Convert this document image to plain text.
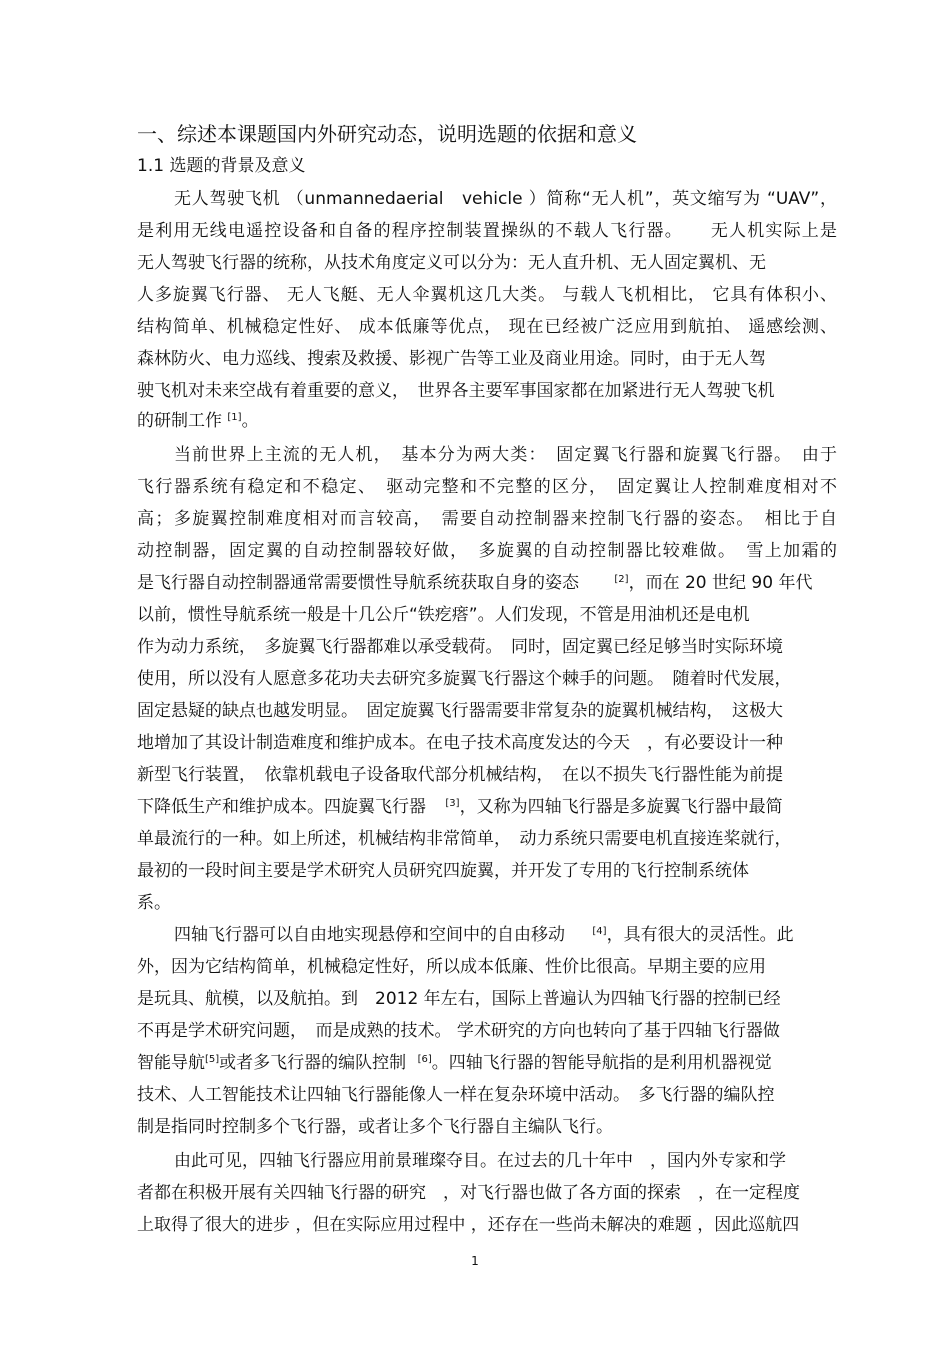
一、综述本课题国内外研究动态，说明选题的依据和意义
1.1 选题的背景及意义
无人驾驶飞机 （unmannedaerial　vehicle ）简称“无人机”，英文缩写为 “UAV”，
是利用无线电遥控设备和自备的程序控制装置操纵的不载人飞行器。　　无人机实际上是
无人驾驶飞行器的统称，从技术角度定义可以分为：无人直升机、无人固定翼机、无
人多旋翼飞行器、 无人飞艇、无人伞翼机这几大类。 与载人飞机相比， 它具有体积小、
结构简单、机械稳定性好、 成本低廉等优点， 现在已经被广泛应用到航拍、 遥感绘测、
森林防火、电力巡线、搜索及救援、影视广告等工业及商业用途。同时，由于无人驾
驶飞机对未来空战有着重要的意义，　世界各主要军事国家都在加紧进行无人驾驶飞机
的研制工作 [1]。
当前世界上主流的无人机，　基本分为两大类：　固定翼飞行器和旋翼飞行器。　由于
飞行器系统有稳定和不稳定、　驱动完整和不完整的区分，　固定翼让人控制难度相对不
高；多旋翼控制难度相对而言较高，　需要自动控制器来控制飞行器的姿态。　相比于自
动控制器，固定翼的自动控制器较好做，　多旋翼的自动控制器比较难做。　雪上加霜的
是飞行器自动控制器通常需要惯性导航系统获取自身的姿态	[2]，而在 20 世纪 90 年代
以前，惯性导航系统一般是十几公斤“铁疙瘩”。人们发现，不管是用油机还是电机
作为动力系统，　多旋翼飞行器都难以承受载荷。　同时，固定翼已经足够当时实际环境
使用，所以没有人愿意多花功夫去研究多旋翼飞行器这个棘手的问题。　随着时代发展，
固定悬疑的缺点也越发明显。　固定旋翼飞行器需要非常复杂的旋翼机械结构，　这极大
地增加了其设计制造难度和维护成本。在电子技术高度发达的今天　，有必要设计一种
新型飞行装置，　依靠机载电子设备取代部分机械结构，　在以不损失飞行器性能为前提
下降低生产和维护成本。四旋翼飞行器 [3]，又称为四轴飞行器是多旋翼飞行器中最简
单最流行的一种。如上所述，机械结构非常简单，　动力系统只需要电机直接连桨就行，
最初的一段时间主要是学术研究人员研究四旋翼，并开发了专用的飞行控制系统体
系。
四轴飞行器可以自由地实现悬停和空间中的自由移动	[4]，具有很大的灵活性。此
外，因为它结构简单，机械稳定性好，所以成本低廉、性价比很高。早期主要的应用
是玩具、航模，以及航拍。到　2012 年左右，国际上普遍认为四轴飞行器的控制已经
不再是学术研究问题，　而是成熟的技术。 学术研究的方向也转向了基于四轴飞行器做
智能导航[5]或者多飞行器的编队控制 [6]。四轴飞行器的智能导航指的是利用机器视觉
技术、人工智能技术让四轴飞行器能像人一样在复杂环境中活动。　多飞行器的编队控
制是指同时控制多个飞行器，或者让多个飞行器自主编队飞行。
由此可见，四轴飞行器应用前景璀璨夺目。在过去的几十年中　，国内外专家和学
者都在积极开展有关四轴飞行器的研究　，对飞行器也做了各方面的探索　，在一定程度
上取得了很大的进步 ，但在实际应用过程中 ，还存在一些尚未解决的难题 ，因此巡航四
1
